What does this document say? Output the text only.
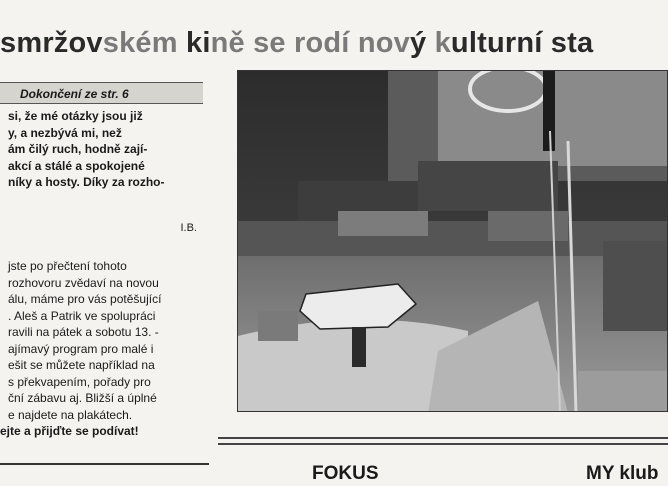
smržovském kině se rodí nový kulturní sta
Dokončení ze str. 6
si, že mé otázky jsou již
y, a nezbývá mi, než
ám čilý ruch, hodně zají-
akcí a stálé a spokojené
níky a hosty. Díky za rozho-
I.B.
jste po přečtení tohoto
rozhovoru zvědaví na novou
álu, máme pro vás potěšující
. Aleš a Patrik ve spolupráci
ravili na pátek a sobotu 13. -
ajímavý program pro malé i
ešit se můžete například na
s překvapením, pořady pro
ční zábavu aj. Bližší a úplné
e najdete na plakátech.
ejte a přijďte se podívat!
FOKUS	MY klub
